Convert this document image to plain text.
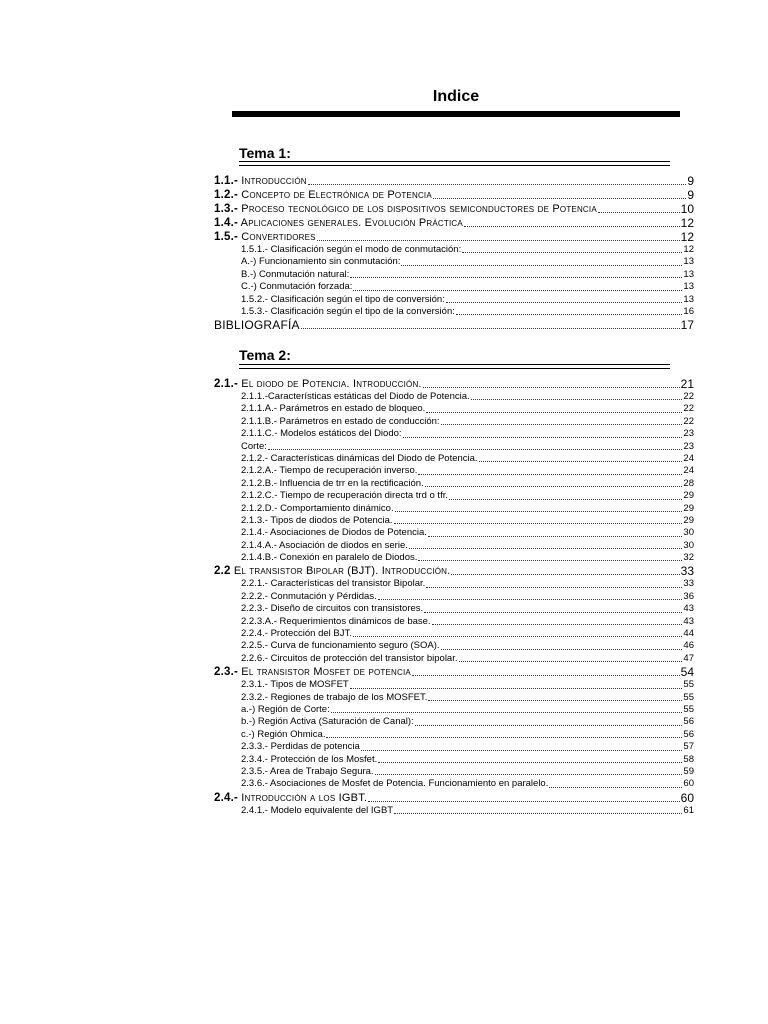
Indice
Tema 1:
1.1.- Introducción	9
1.2.- Concepto de Electrónica de Potencia	9
1.3.- Proceso tecnológico de los dispositivos semiconductores de Potencia	10
1.4.- Aplicaciones generales. Evolución Práctica	12
1.5.- Convertidores	12
1.5.1.- Clasificación según el modo de conmutación:	12
A.-) Funcionamiento sin conmutación:	13
B.-) Conmutación natural:	13
C.-) Conmutación forzada:	13
1.5.2.- Clasificación según el tipo de conversión:	13
1.5.3.- Clasificación según el tipo de la conversión:	16
BIBLIOGRAFÍA	17
Tema 2:
2.1.- El diodo de Potencia. Introducción.	21
2.1.1.-Características estáticas del Diodo de Potencia.	22
2.1.1.A.- Parámetros en estado de bloqueo.	22
2.1.1.B.- Parámetros en estado de conducción:	22
2.1.1.C.- Modelos estáticos del Diodo:	23
Corte:	23
2.1.2.- Características dinámicas del Diodo de Potencia.	24
2.1.2.A.- Tiempo de recuperación inverso.	24
2.1.2.B.- Influencia de trr en la rectificación.	28
2.1.2.C.- Tiempo de recuperación directa trd o tfr.	29
2.1.2.D.- Comportamiento dinámico.	29
2.1.3.- Tipos de diodos de Potencia.	29
2.1.4.- Asociaciones de Diodos de Potencia.	30
2.1.4.A.- Asociación de diodos en serie.	30
2.1.4.B.- Conexión en paralelo de Diodos.	32
2.2 El transistor Bipolar (BJT). Introducción.	33
2.2.1.- Características del transistor Bipolar.	33
2.2.2.- Conmutación y Pérdidas.	36
2.2.3.- Diseño de circuitos con transistores.	43
2.2.3.A.- Requerimientos dinámicos de base.	43
2.2.4.- Protección del BJT.	44
2.2.5.- Curva de funcionamiento seguro (SOA).	46
2.2.6.- Circuitos de protección del transistor bipolar.	47
2.3.- El transistor Mosfet de potencia	54
2.3.1.- Tipos de MOSFET	55
2.3.2.- Regiones de trabajo de los MOSFET.	55
a.-) Región de Corte:	55
b.-) Región Activa (Saturación de Canal):	56
c.-) Región Ohmica.	56
2.3.3.- Perdidas de potencia	57
2.3.4.- Protección de los Mosfet.	58
2.3.5.- Area de Trabajo Segura.	59
2.3.6.- Asociaciones de Mosfet de Potencia. Funcionamiento en paralelo.	60
2.4.- Introducción a los IGBT.	60
2.4.1.- Modelo equivalente del IGBT	61
